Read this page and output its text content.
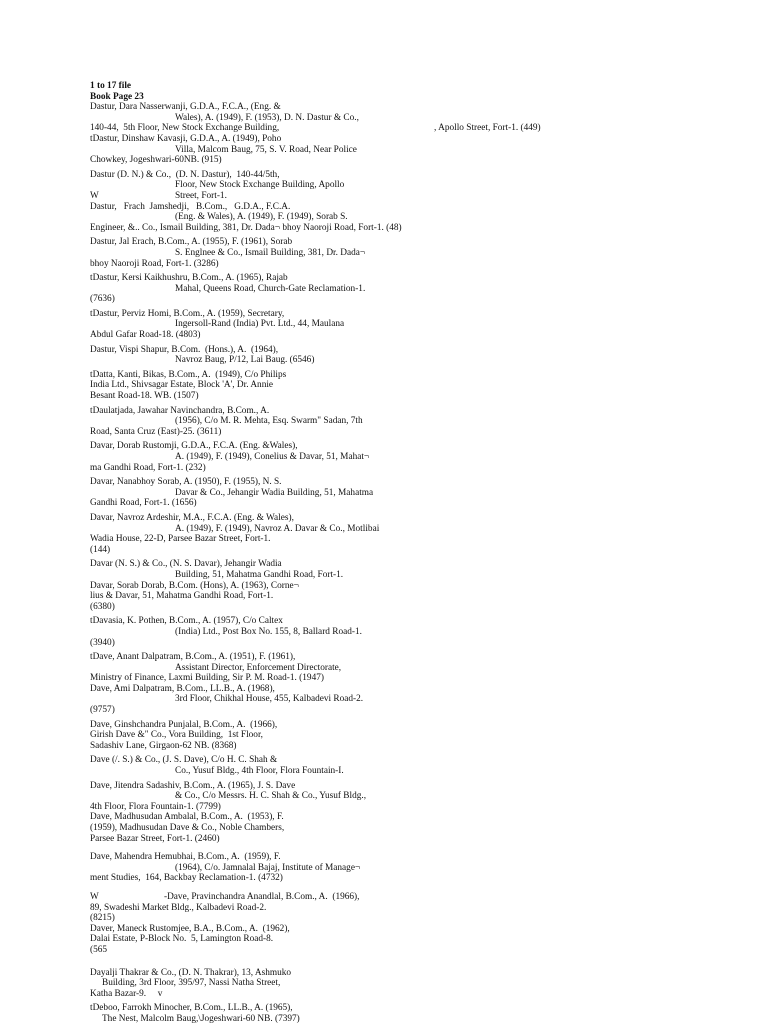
1 to 17 file
Book Page 23
Dastur, Dara Nasserwanji, G.D.A., F.C.A., (Eng. &
Wales), A. (1949), F. (1953), D. N. Dastur & Co.,
140-44,  5th Floor, New Stock Exchange Building,	, Apollo Street, Fort-1. (449)
tDastur, Dinshaw Kavasji, G.D.A., A. (1949), Poho
Villa, Malcom Baug, 75, S. V. Road, Near Police
Chowkey, Jogeshwari-60NB. (915)
Dastur (D. N.) & Co.,  (D. N. Dastur),  140-44/5th,
Floor, New Stock Exchange Building, Apollo
W	Street, Fort-1.
Dastur,   Frach  Jamshedji,   B.Com.,   G.D.A., F.C.A.
(Eng. & Wales), A. (1949), F. (1949), Sorab S.
Engineer, &.. Co., Ismail Building, 381, Dr. Dada¬ bhoy Naoroji Road, Fort-1. (48)
Dastur, Jal Erach, B.Com., A. (1955), F. (1961), Sorab
S. Englnee & Co., Ismail Building, 381, Dr. Dada¬
bhoy Naoroji Road, Fort-1. (3286)
tDastur, Kersi Kaikhushru, B.Com., A. (1965), Rajab
Mahal, Queens Road, Church-Gate Reclamation-1.
(7636)
tDastur, Perviz Homi, B.Com., A. (1959), Secretary,
Ingersoll-Rand (India) Pvt. Ltd., 44, Maulana
Abdul Gafar Road-18. (4803)
Dastur, Vispi Shapur, B.Com.  (Hons.), A.  (1964),
Navroz Baug, P/12, Lai Baug. (6546)
tDatta, Kanti, Bikas, B.Com., A.  (1949), C/o Philips
India Ltd., Shivsagar Estate, Block 'A', Dr. Annie
Besant Road-18. WB. (1507)
tDaulatjada, Jawahar Navinchandra, B.Com., A.
(1956), C/o M. R. Mehta, Esq. Swarm" Sadan, 7th
Road, Santa Cruz (East)-25. (3611)
Davar, Dorab Rustomji, G.D.A., F.C.A. (Eng. &Wales),
A. (1949), F. (1949), Conelius & Davar, 51, Mahat¬
ma Gandhi Road, Fort-1. (232)
Davar, Nanabhoy Sorab, A. (1950), F. (1955), N. S.
Davar & Co., Jehangir Wadia Building, 51, Mahatma
Gandhi Road, Fort-1. (1656)
Davar, Navroz Ardeshir, M.A., F.C.A. (Eng. & Wales),
A. (1949), F. (1949), Navroz A. Davar & Co., Motlibai
Wadia House, 22-D, Parsee Bazar Street, Fort-1.
(144)
Davar (N. S.) & Co., (N. S. Davar), Jehangir Wadia
Building, 51, Mahatma Gandhi Road, Fort-1.
Davar, Sorab Dorab, B.Com. (Hons), A. (1963), Corne¬
lius & Davar, 51, Mahatma Gandhi Road, Fort-1.
(6380)
tDavasia, K. Pothen, B.Com., A. (1957), C/o Caltex
(India) Ltd., Post Box No. 155, 8, Ballard Road-1.
(3940)
tDave, Anant Dalpatram, B.Com., A. (1951), F. (1961),
Assistant Director, Enforcement Directorate,
Ministry of Finance, Laxmi Building, Sir P. M. Road-1. (1947)
Dave, Ami Dalpatram, B.Com., LL.B., A. (1968),
3rd Floor, Chikhal House, 455, Kalbadevi Road-2.
(9757)
Dave, Ginshchandra Punjalal, B.Com., A.  (1966),
Girish Dave &" Co., Vora Building,  1st Floor,
Sadashiv Lane, Girgaon-62 NB. (8368)
Dave (/. S.) & Co., (J. S. Dave), C/o H. C. Shah &
Co., Yusuf Bldg., 4th Floor, Flora Fountain-I.
Dave, Jitendra Sadashiv, B.Com., A. (1965), J. S. Dave
& Co., C/o Messrs. H. C. Shah & Co., Yusuf Bldg.,
4th Floor, Flora Fountain-1. (7799)
Dave, Madhusudan Ambalal, B.Com., A.  (1953), F.
(1959), Madhusudan Dave & Co., Noble Chambers,
Parsee Bazar Street, Fort-1. (2460)
Dave, Mahendra Hemubhai, B.Com., A.  (1959), F.
(1964), C/o. Jamnalal Bajaj, Institute of Manage¬
ment Studies,  164, Backbay Reclamation-1. (4732)
W	-Dave, Pravinchandra Anandlal, B.Com., A.  (1966),
89, Swadeshi Market Bldg., Kalbadevi Road-2.
(8215)
Daver, Maneck Rustomjee, B.A., B.Com., A.  (1962),
Dalai Estate, P-Block No.  5, Lamington Road-8.
(565
Dayalji Thakrar & Co., (D. N. Thakrar), 13, Ashmuko
Building, 3rd Floor, 395/97, Nassi Natha Street,
Katha Bazar-9.     v
tDeboo, Farrokh Minocher, B.Com., LL.B., A. (1965),
The Nest, Malcolm Baug,\Jogeshwari-60 NB. (7397)
